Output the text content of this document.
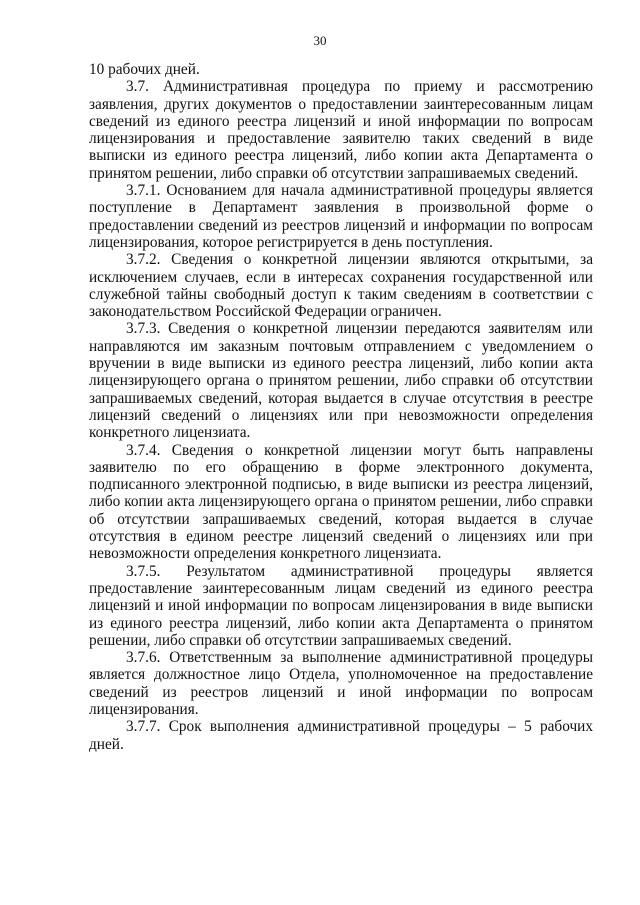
30

10 рабочих дней.

3.7. Административная процедура по приему и рассмотрению заявления, других документов о предоставлении заинтересованным лицам сведений из единого реестра лицензий и иной информации по вопросам лицензирования и предоставление заявителю таких сведений в виде выписки из единого реестра лицензий, либо копии акта Департамента о принятом решении, либо справки об отсутствии запрашиваемых сведений.

3.7.1. Основанием для начала административной процедуры является поступление в Департамент заявления в произвольной форме о предоставлении сведений из реестров лицензий и информации по вопросам лицензирования, которое регистрируется в день поступления.

3.7.2. Сведения о конкретной лицензии являются открытыми, за исключением случаев, если в интересах сохранения государственной или служебной тайны свободный доступ к таким сведениям в соответствии с законодательством Российской Федерации ограничен.

3.7.3. Сведения о конкретной лицензии передаются заявителям или направляются им заказным почтовым отправлением с уведомлением о вручении в виде выписки из единого реестра лицензий, либо копии акта лицензирующего органа о принятом решении, либо справки об отсутствии запрашиваемых сведений, которая выдается в случае отсутствия в реестре лицензий сведений о лицензиях или при невозможности определения конкретного лицензиата.

3.7.4. Сведения о конкретной лицензии могут быть направлены заявителю по его обращению в форме электронного документа, подписанного электронной подписью, в виде выписки из реестра лицензий, либо копии акта лицензирующего органа о принятом решении, либо справки об отсутствии запрашиваемых сведений, которая выдается в случае отсутствия в едином реестре лицензий сведений о лицензиях или при невозможности определения конкретного лицензиата.

3.7.5. Результатом административной процедуры является предоставление заинтересованным лицам сведений из единого реестра лицензий и иной информации по вопросам лицензирования в виде выписки из единого реестра лицензий, либо копии акта Департамента о принятом решении, либо справки об отсутствии запрашиваемых сведений.

3.7.6. Ответственным за выполнение административной процедуры является должностное лицо Отдела, уполномоченное на предоставление сведений из реестров лицензий и иной информации по вопросам лицензирования.

3.7.7. Срок выполнения административной процедуры – 5 рабочих дней.
